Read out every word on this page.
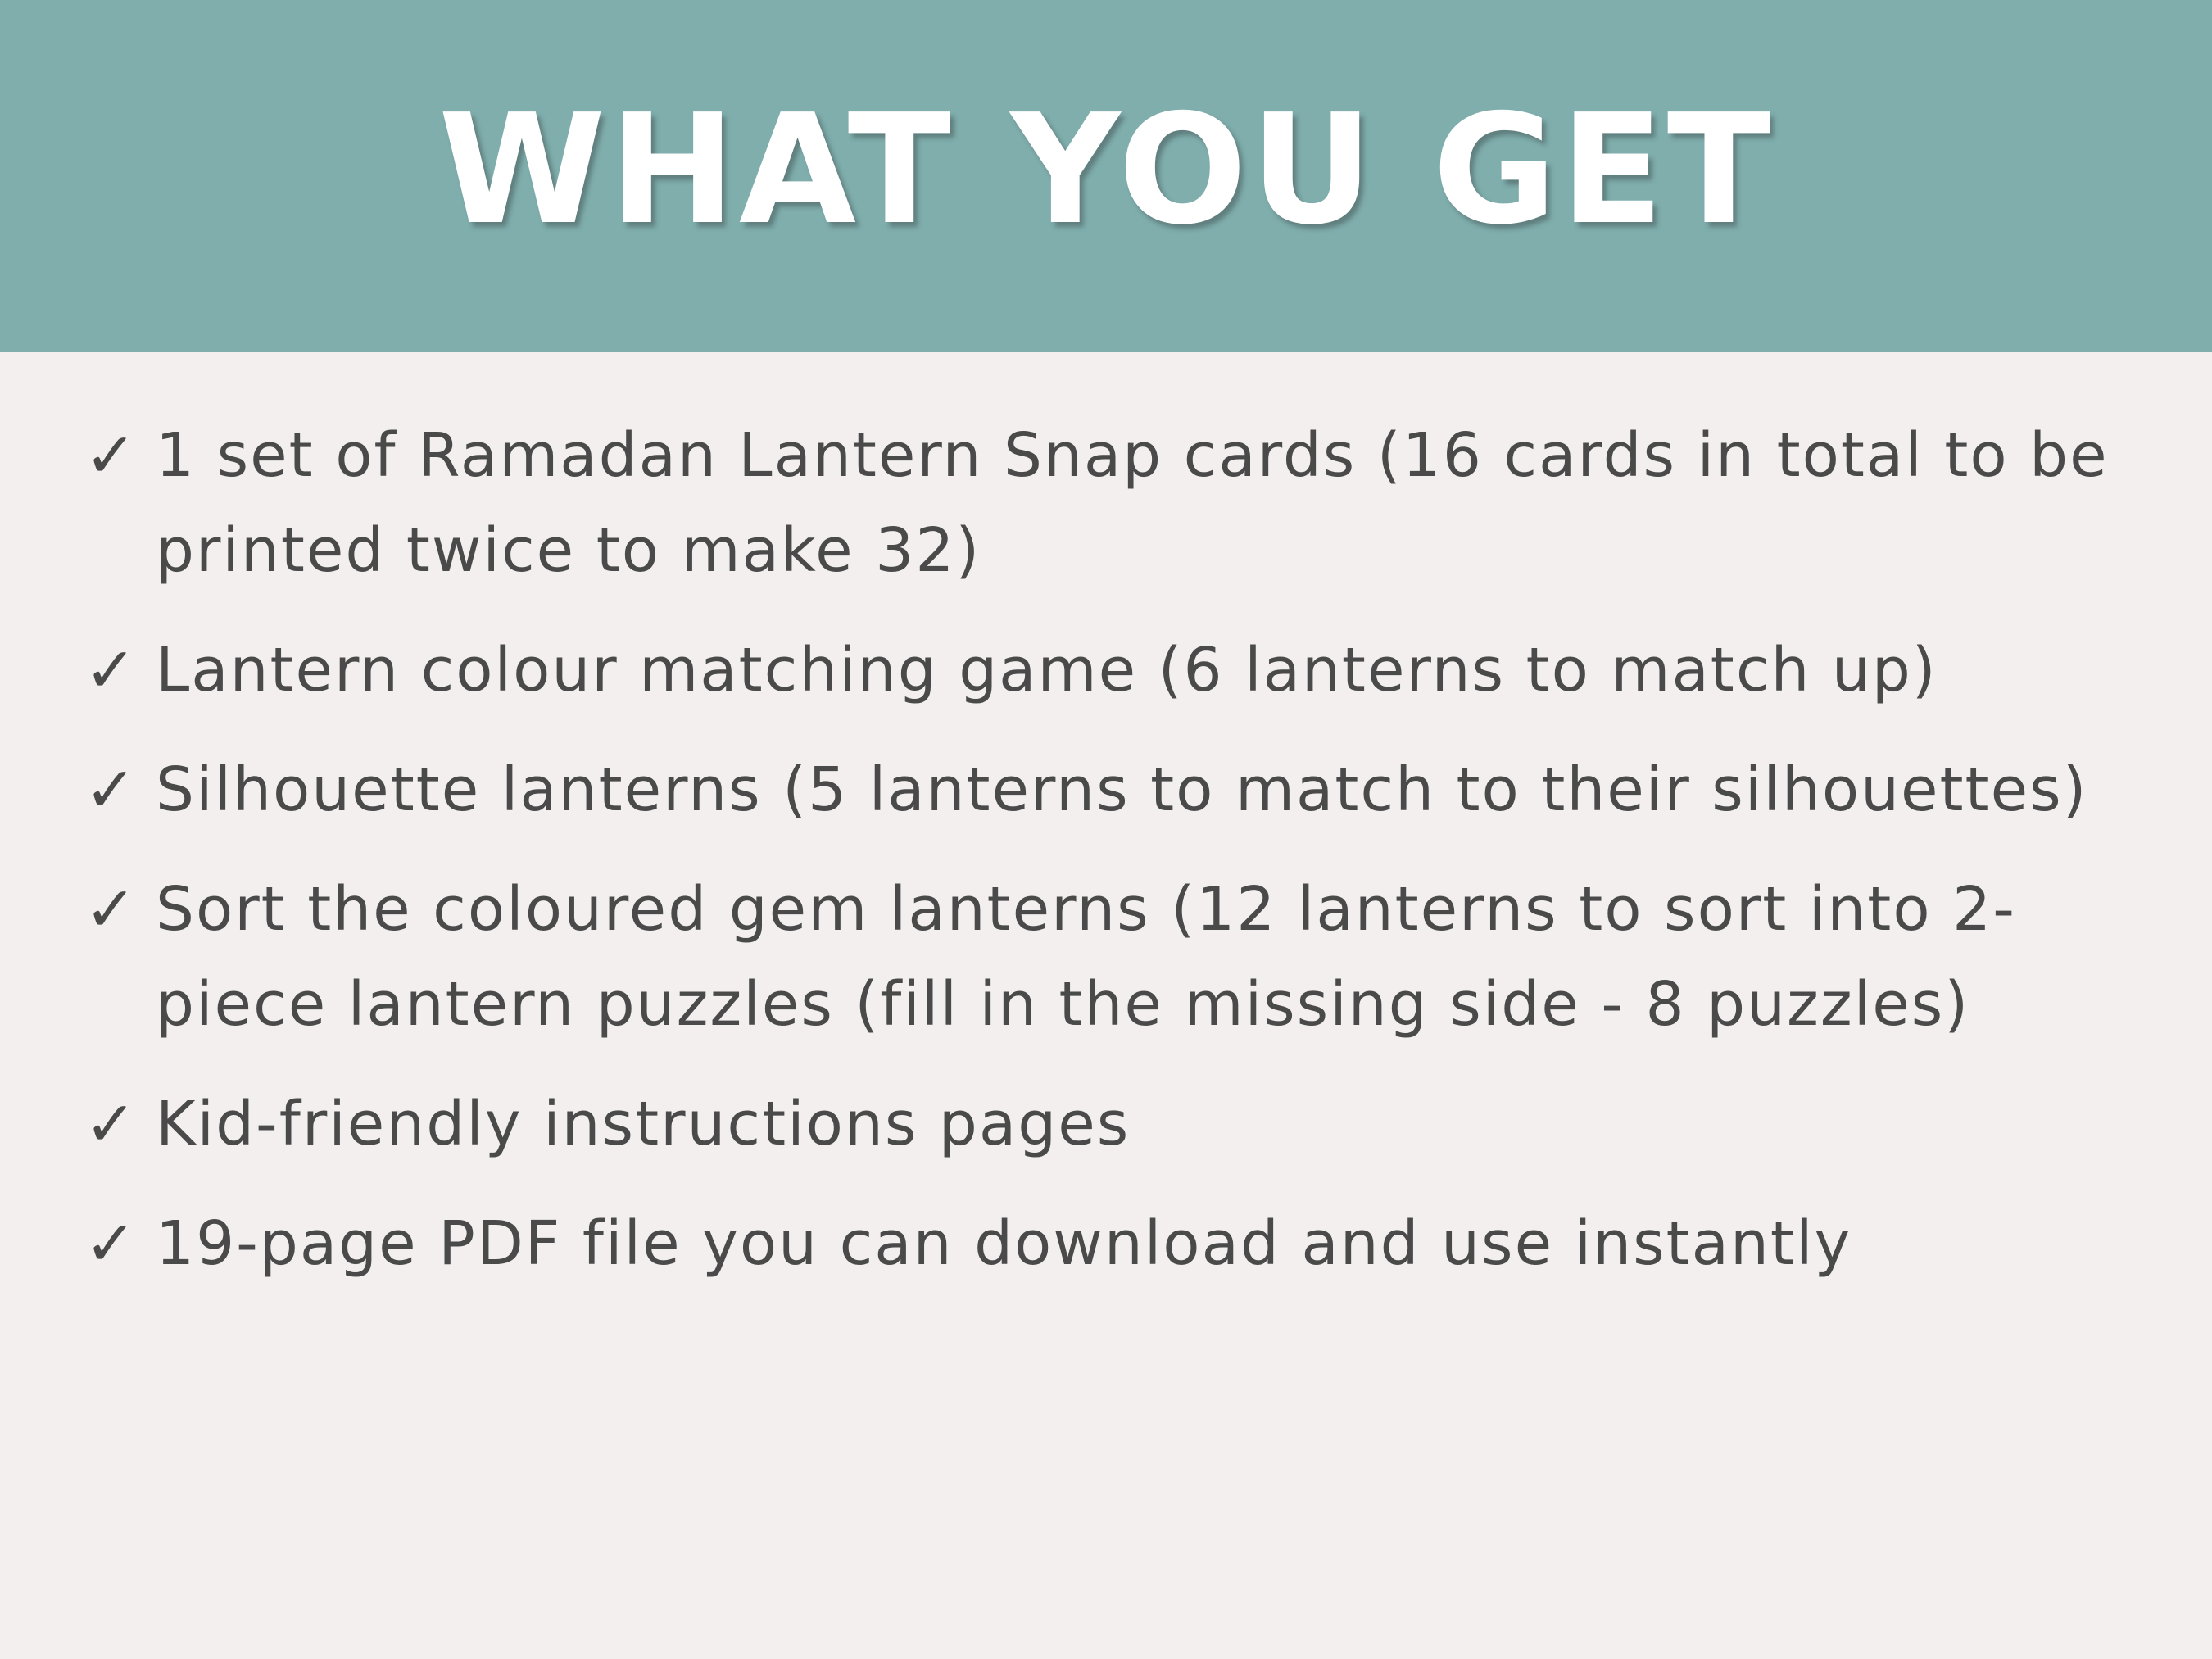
WHAT YOU GET
✓ 1 set of Ramadan Lantern Snap cards (16 cards in total to be printed twice to make 32)
✓ Lantern colour matching game (6 lanterns to match up)
✓ Silhouette lanterns (5 lanterns to match to their silhouettes)
✓ Sort the coloured gem lanterns (12 lanterns to sort into 2-piece lantern puzzles (fill in the missing side - 8 puzzles)
✓ Kid-friendly instructions pages
✓ 19-page PDF file you can download and use instantly
